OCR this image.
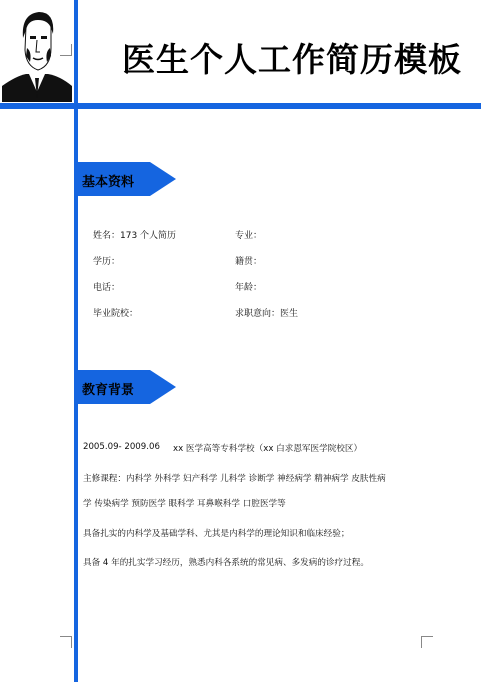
医生个人工作简历模板
基本资料
姓名：173 个人简历	专业：
学历：	籍贯：
电话：	年龄：
毕业院校：	求职意向：医生
教育背景
2005.09- 2009.06 xx 医学高等专科学校（xx 白求恩军医学院校区）
主修课程：内科学 外科学 妇产科学 儿科学 诊断学 神经病学 精神病学 皮肤性病
学 传染病学 预防医学 眼科学 耳鼻喉科学 口腔医学等
具备扎实的内科学及基础学科、尤其是内科学的理论知识和临床经验；
具备 4 年的扎实学习经历，熟悉内科各系统的常见病、多发病的诊疗过程。
